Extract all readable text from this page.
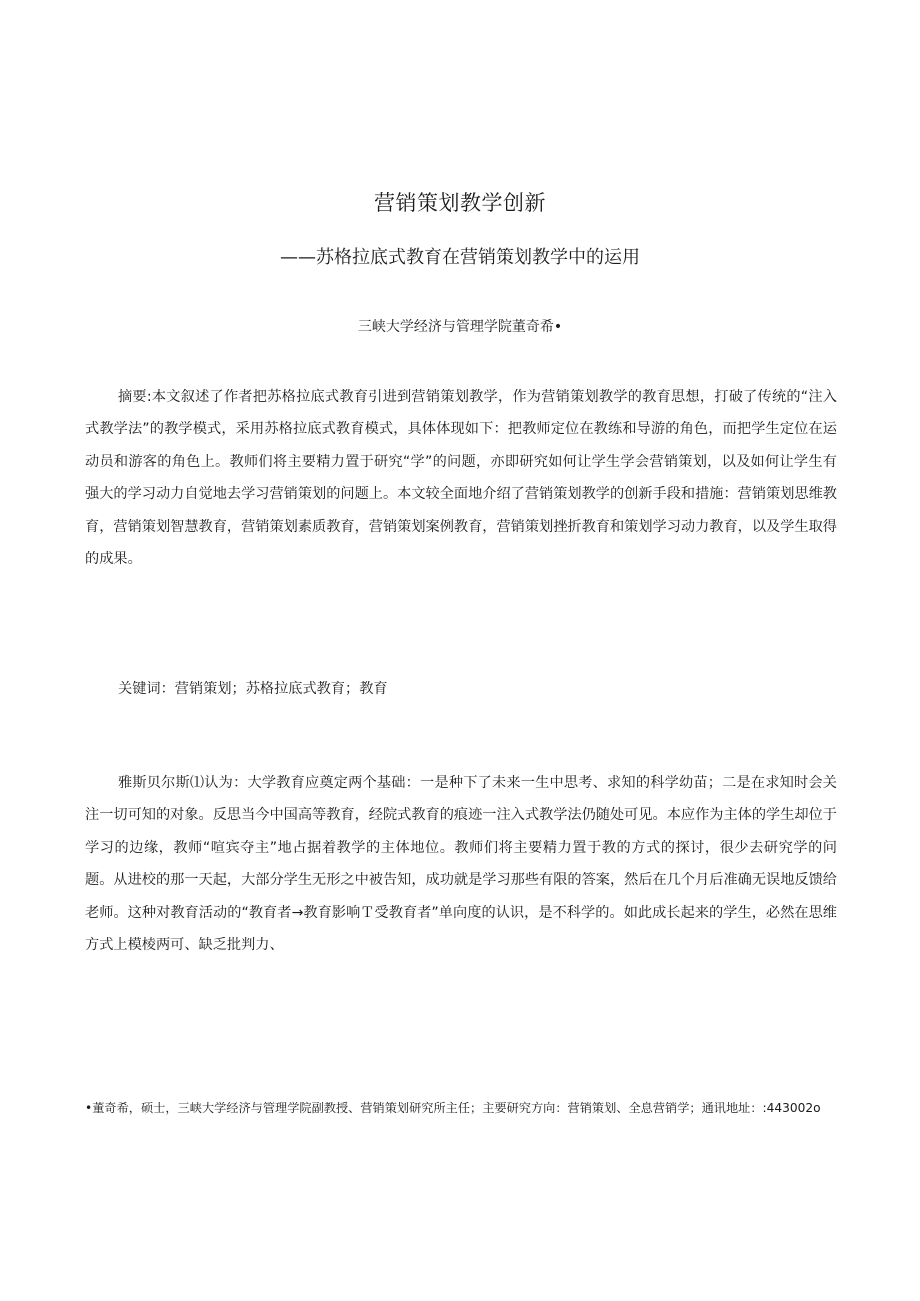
营销策划教学创新
——苏格拉底式教育在营销策划教学中的运用
三峡大学经济与管理学院董奇希•

摘要:本文叙述了作者把苏格拉底式教育引进到营销策划教学，作为营销策划教学的教育思想，打破了传统的“注入式教学法”的教学模式，采用苏格拉底式教育模式，具体体现如下：把教师定位在教练和导游的角色，而把学生定位在运动员和游客的角色上。教师们将主要精力置于研究“学”的问题，亦即研究如何让学生学会营销策划，以及如何让学生有强大的学习动力自觉地去学习营销策划的问题上。本文较全面地介绍了营销策划教学的创新手段和措施：营销策划思维教育，营销策划智慧教育，营销策划素质教育，营销策划案例教育，营销策划挫折教育和策划学习动力教育，以及学生取得的成果。

关键词：营销策划；苏格拉底式教育；教育

雅斯贝尔斯⑴认为：大学教育应奠定两个基础：一是种下了未来一生中思考、求知的科学幼苗；二是在求知时会关注一切可知的对象。反思当今中国高等教育，经院式教育的痕迹一注入式教学法仍随处可见。本应作为主体的学生却位于学习的边缘，教师“喧宾夺主”地占据着教学的主体地位。教师们将主要精力置于教的方式的探讨，很少去研究学的问题。从进校的那一天起，大部分学生无形之中被告知，成功就是学习那些有限的答案，然后在几个月后准确无误地反馈给老师。这种对教育活动的“教育者→教育影响Ｔ受教育者”单向度的认识，是不科学的。如此成长起来的学生，必然在思维方式上模棱两可、缺乏批判力、

•董奇希，硕士，三峡大学经济与管理学院副教授、营销策划研究所主任；主要研究方向：营销策划、全息营销学；通讯地址：:443002o
